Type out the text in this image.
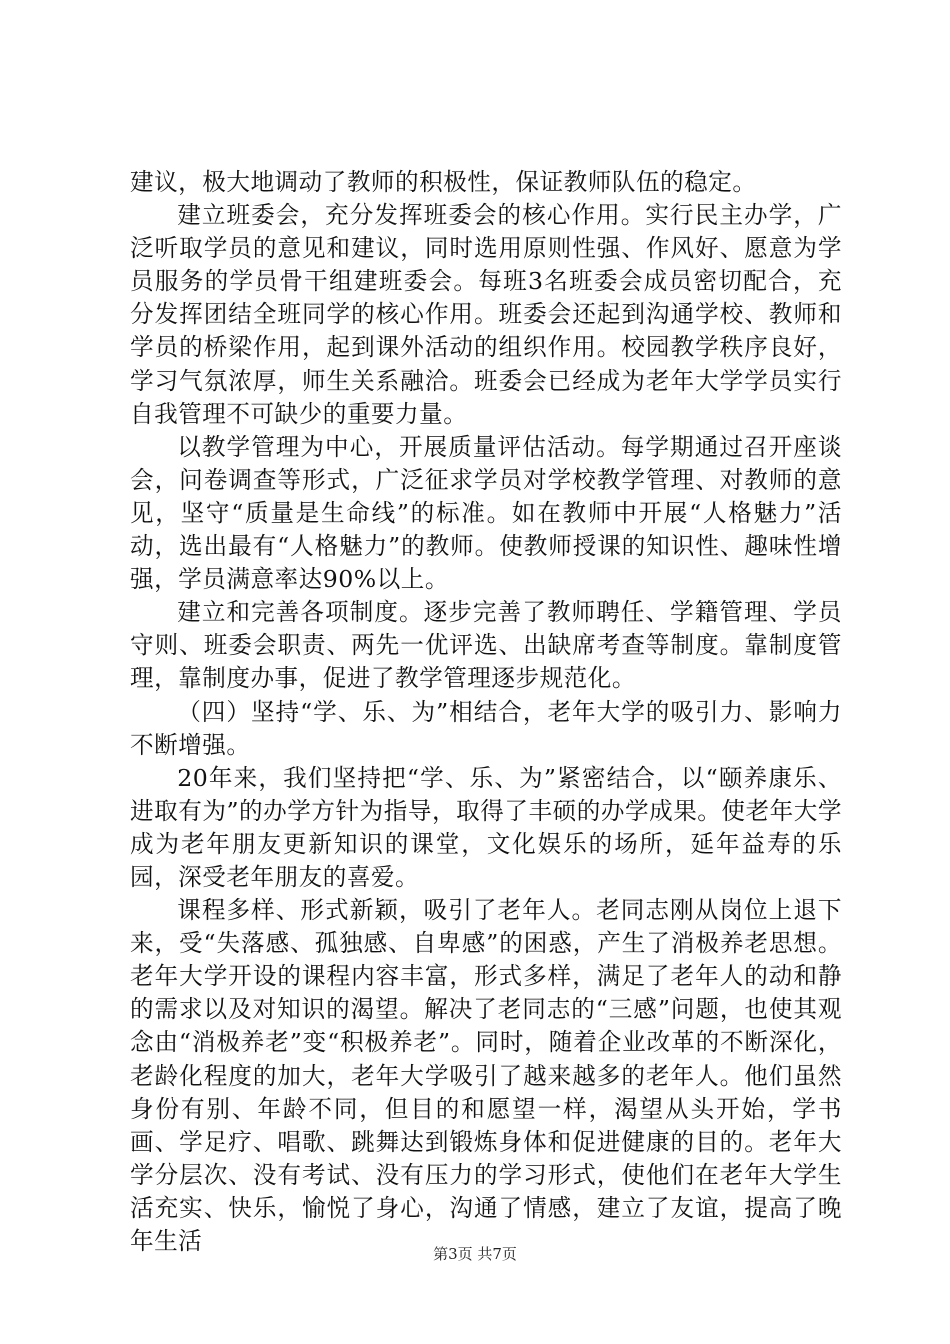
建议，极大地调动了教师的积极性，保证教师队伍的稳定。

建立班委会，充分发挥班委会的核心作用。实行民主办学，广泛听取学员的意见和建议，同时选用原则性强、作风好、愿意为学员服务的学员骨干组建班委会。每班3名班委会成员密切配合，充分发挥团结全班同学的核心作用。班委会还起到沟通学校、教师和学员的桥梁作用，起到课外活动的组织作用。校园教学秩序良好，学习气氛浓厚，师生关系融洽。班委会已经成为老年大学学员实行自我管理不可缺少的重要力量。

以教学管理为中心，开展质量评估活动。每学期通过召开座谈会，问卷调查等形式，广泛征求学员对学校教学管理、对教师的意见，坚守“质量是生命线”的标准。如在教师中开展“人格魅力”活动，选出最有“人格魅力”的教师。使教师授课的知识性、趣味性增强，学员满意率达90%以上。

建立和完善各项制度。逐步完善了教师聘任、学籍管理、学员守则、班委会职责、两先一优评选、出缺席考查等制度。靠制度管理，靠制度办事，促进了教学管理逐步规范化。

（四）坚持“学、乐、为”相结合，老年大学的吸引力、影响力不断增强。

20年来，我们坚持把“学、乐、为”紧密结合，以“颐养康乐、进取有为”的办学方针为指导，取得了丰硕的办学成果。使老年大学成为老年朋友更新知识的课堂，文化娱乐的场所，延年益寿的乐园，深受老年朋友的喜爱。

课程多样、形式新颖，吸引了老年人。老同志刚从岗位上退下来，受“失落感、孤独感、自卑感”的困惑，产生了消极养老思想。老年大学开设的课程内容丰富，形式多样，满足了老年人的动和静的需求以及对知识的渴望。解决了老同志的“三感”问题，也使其观念由“消极养老”变“积极养老”。同时，随着企业改革的不断深化，老龄化程度的加大，老年大学吸引了越来越多的老年人。他们虽然身份有别、年龄不同，但目的和愿望一样，渴望从头开始，学书画、学足疗、唱歌、跳舞达到锻炼身体和促进健康的目的。老年大学分层次、没有考试、没有压力的学习形式，使他们在老年大学生活充实、快乐，愉悦了身心，沟通了情感，建立了友谊，提高了晚年生活	第3页 共7页
